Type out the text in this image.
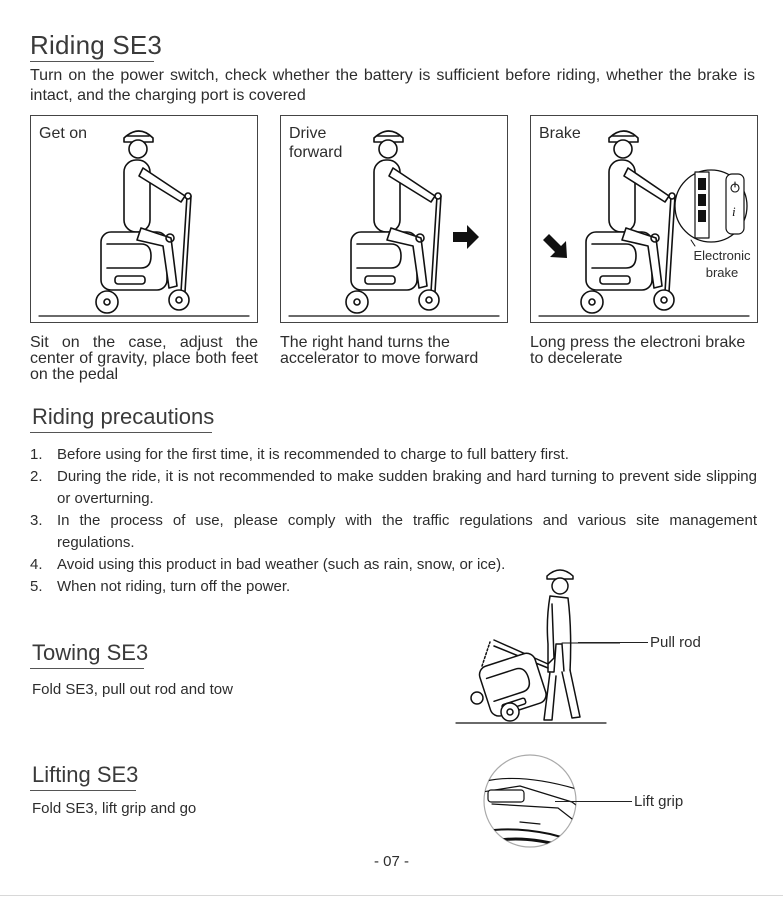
Riding SE3
Turn on the power switch, check whether the battery is sufficient before riding, whether the brake is intact, and the charging port is covered
Get on	Drive
forward
i
Brake
Electronic
brake
Sit on the case, adjust the center of gravity, place both feet on the pedal
The right hand turns the accelerator to move forward
Long press the electroni brake to decelerate
Riding precautions
1. Before using for the first time, it is recommended to charge to full battery first.
2. During the ride, it is not recommended to make sudden braking and hard turning to prevent side slipping or overturning.
3. In the process of use, please comply with the traffic regulations and various site management regulations.
4. Avoid using this product in bad weather (such as rain, snow, or ice).
5. When not riding, turn off the power.
Towing SE3
Fold SE3, pull out rod and tow
Pull rod
Lifting SE3
Fold SE3, lift grip and go	Lift grip
- 07 -
